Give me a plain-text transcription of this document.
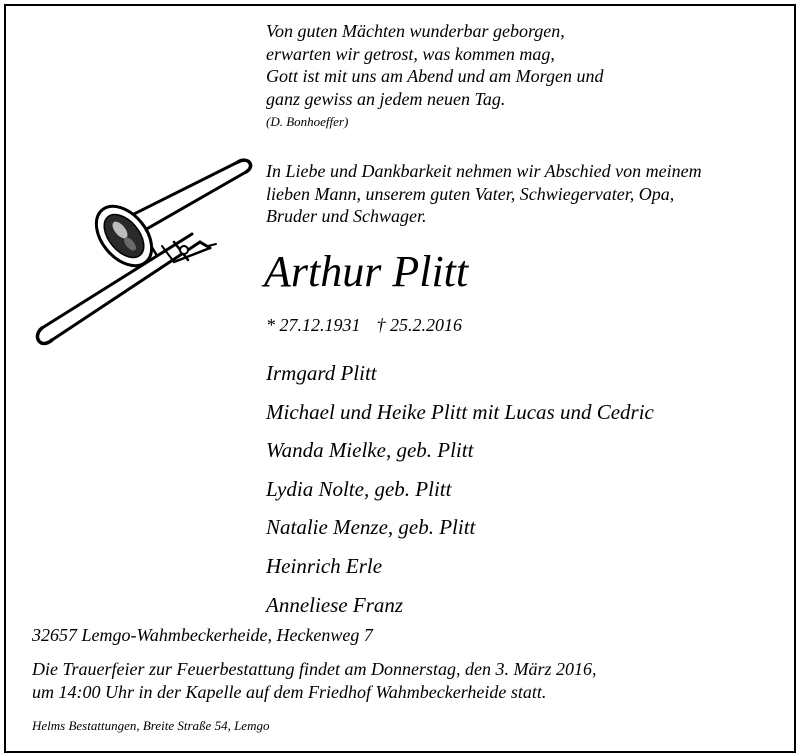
Von guten Mächten wunderbar geborgen,
erwarten wir getrost, was kommen mag,
Gott ist mit uns am Abend und am Morgen und
ganz gewiss an jedem neuen Tag.
(D. Bonhoeffer)
In Liebe und Dankbarkeit nehmen wir Abschied von meinem
lieben Mann, unserem guten Vater, Schwiegervater, Opa,
Bruder und Schwager.
Arthur Plitt
* 27.12.1931 † 25.2.2016
Irmgard Plitt
Michael und Heike Plitt mit Lucas und Cedric
Wanda Mielke, geb. Plitt
Lydia Nolte, geb. Plitt
Natalie Menze, geb. Plitt
Heinrich Erle
Anneliese Franz
32657 Lemgo-Wahmbeckerheide, Heckenweg 7
Die Trauerfeier zur Feuerbestattung findet am Donnerstag, den 3. März 2016,
um 14:00 Uhr in der Kapelle auf dem Friedhof Wahmbeckerheide statt.
Helms Bestattungen, Breite Straße 54, Lemgo
